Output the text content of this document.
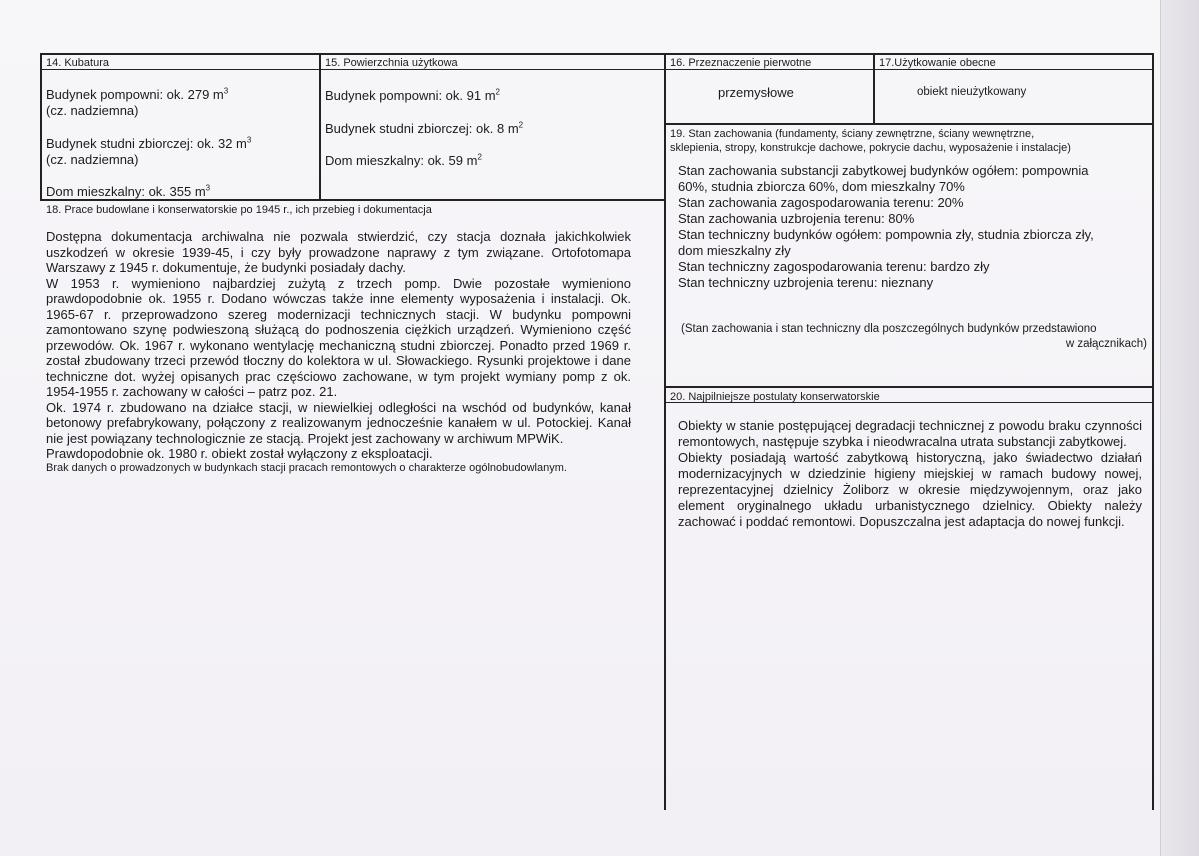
14. Kubatura
Budynek pompowni: ok. 279 $m^3$
(cz. nadziemna)
Budynek studni zbiorczej: ok. 32 $m^3$
(cz. nadziemna)
Dom mieszkalny: ok. 355 $m^3$
15. Powierzchnia użytkowa
Budynek pompowni: ok. 91 $m^2$
Budynek studni zbiorczej: ok. 8 $m^2$
Dom mieszkalny: ok. 59 $m^2$
16. Przeznaczenie pierwotne
przemysłowe
17.Użytkowanie obecne
obiekt nieużytkowany
19. Stan zachowania (fundamenty, ściany zewnętrzne, ściany wewnętrzne,
sklepienia, stropy, konstrukcje dachowe, pokrycie dachu, wyposażenie i instalacje)
Stan zachowania substancji zabytkowej budynków ogółem: pompownia
60%, studnia zbiorcza 60%, dom mieszkalny 70%
Stan zachowania zagospodarowania terenu: 20%
Stan zachowania uzbrojenia terenu: 80%
Stan techniczny budynków ogółem: pompownia zły, studnia zbiorcza zły,
dom mieszkalny zły
Stan techniczny zagospodarowania terenu: bardzo zły
Stan techniczny uzbrojenia terenu: nieznany
(Stan zachowania i stan techniczny dla poszczególnych budynków przedstawiono
w załącznikach)
18. Prace budowlane i konserwatorskie po 1945 r., ich przebieg i dokumentacja

Dostępna dokumentacja archiwalna nie pozwala stwierdzić, czy stacja doznała jakichkolwiek uszkodzeń w okresie 1939-45, i czy były prowadzone naprawy z tym związane. Ortofotomapa Warszawy z 1945 r. dokumentuje, że budynki posiadały dachy.

W 1953 r. wymieniono najbardziej zużytą z trzech pomp. Dwie pozostałe wymieniono prawdopodobnie ok. 1955 r. Dodano wówczas także inne elementy wyposażenia i instalacji. Ok. 1965-67 r. przeprowadzono szereg modernizacji technicznych stacji. W budynku pompowni zamontowano szynę podwieszoną służącą do podnoszenia ciężkich urządzeń. Wymieniono część przewodów. Ok. 1967 r. wykonano wentylację mechaniczną studni zbiorczej. Ponadto przed 1969 r. został zbudowany trzeci przewód tłoczny do kolektora w ul. Słowackiego. Rysunki projektowe i dane techniczne dot. wyżej opisanych prac częściowo zachowane, w tym projekt wymiany pomp z ok. 1954-1955 r. zachowany w całości – patrz poz. 21.

Ok. 1974 r. zbudowano na działce stacji, w niewielkiej odległości na wschód od budynków, kanał betonowy prefabrykowany, połączony z realizowanym jednocześnie kanałem w ul. Potockiej. Kanał nie jest powiązany technologicznie ze stacją. Projekt jest zachowany w archiwum MPWiK.

Prawdopodobnie ok. 1980 r. obiekt został wyłączony z eksploatacji.

Brak danych o prowadzonych w budynkach stacji pracach remontowych o charakterze ogólnobudowlanym.

20. Najpilniejsze postulaty konserwatorskie

Obiekty w stanie postępującej degradacji technicznej z powodu braku czynności remontowych, następuje szybka i nieodwracalna utrata substancji zabytkowej.

Obiekty posiadają wartość zabytkową historyczną, jako świadectwo działań modernizacyjnych w dziedzinie higieny miejskiej w ramach budowy nowej, reprezentacyjnej dzielnicy Żoliborz w okresie międzywojennym, oraz jako element oryginalnego układu urbanistycznego dzielnicy. Obiekty należy zachować i poddać remontowi. Dopuszczalna jest adaptacja do nowej funkcji.
